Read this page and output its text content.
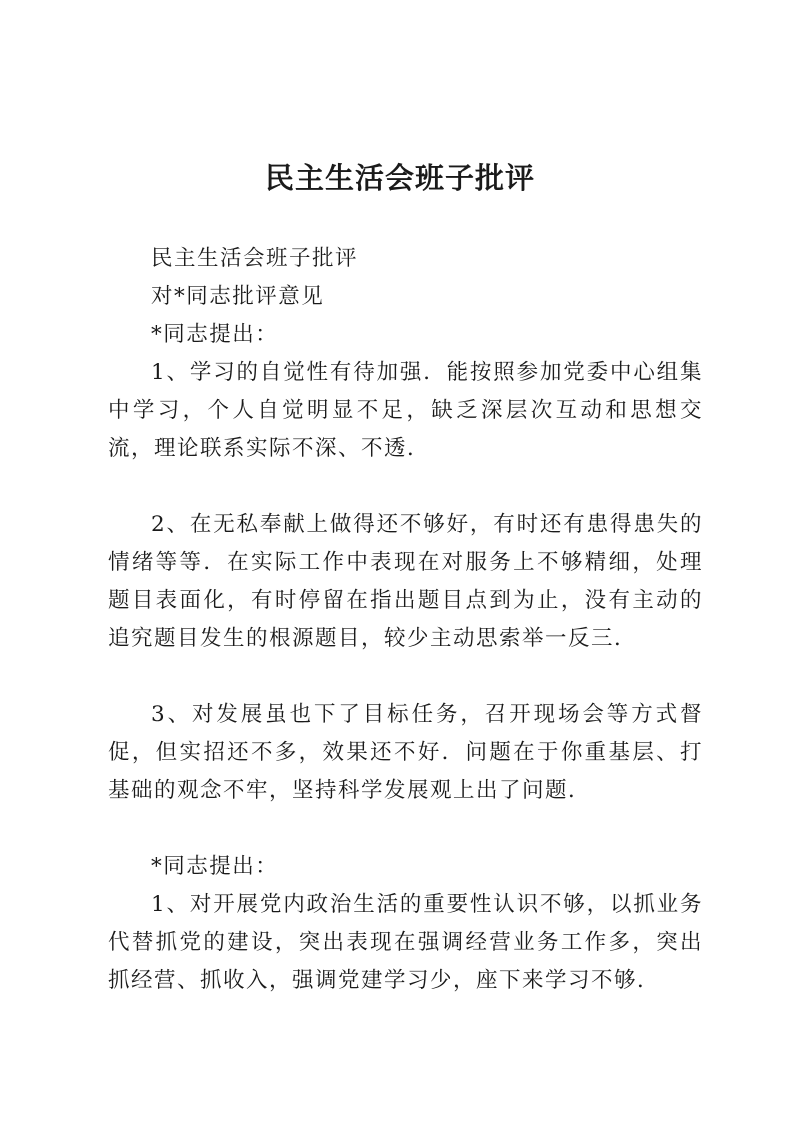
民主生活会班子批评

民主生活会班子批评

对*同志批评意见

*同志提出：

1、学习的自觉性有待加强．能按照参加党委中心组集中学习，个人自觉明显不足，缺乏深层次互动和思想交流，理论联系实际不深、不透．

2、在无私奉献上做得还不够好，有时还有患得患失的情绪等等．在实际工作中表现在对服务上不够精细，处理题目表面化，有时停留在指出题目点到为止，没有主动的追究题目发生的根源题目，较少主动思索举一反三．

3、对发展虽也下了目标任务，召开现场会等方式督促，但实招还不多，效果还不好．问题在于你重基层、打基础的观念不牢，坚持科学发展观上出了问题．

*同志提出：

1、对开展党内政治生活的重要性认识不够，以抓业务代替抓党的建设，突出表现在强调经营业务工作多，突出抓经营、抓收入，强调党建学习少，座下来学习不够．
